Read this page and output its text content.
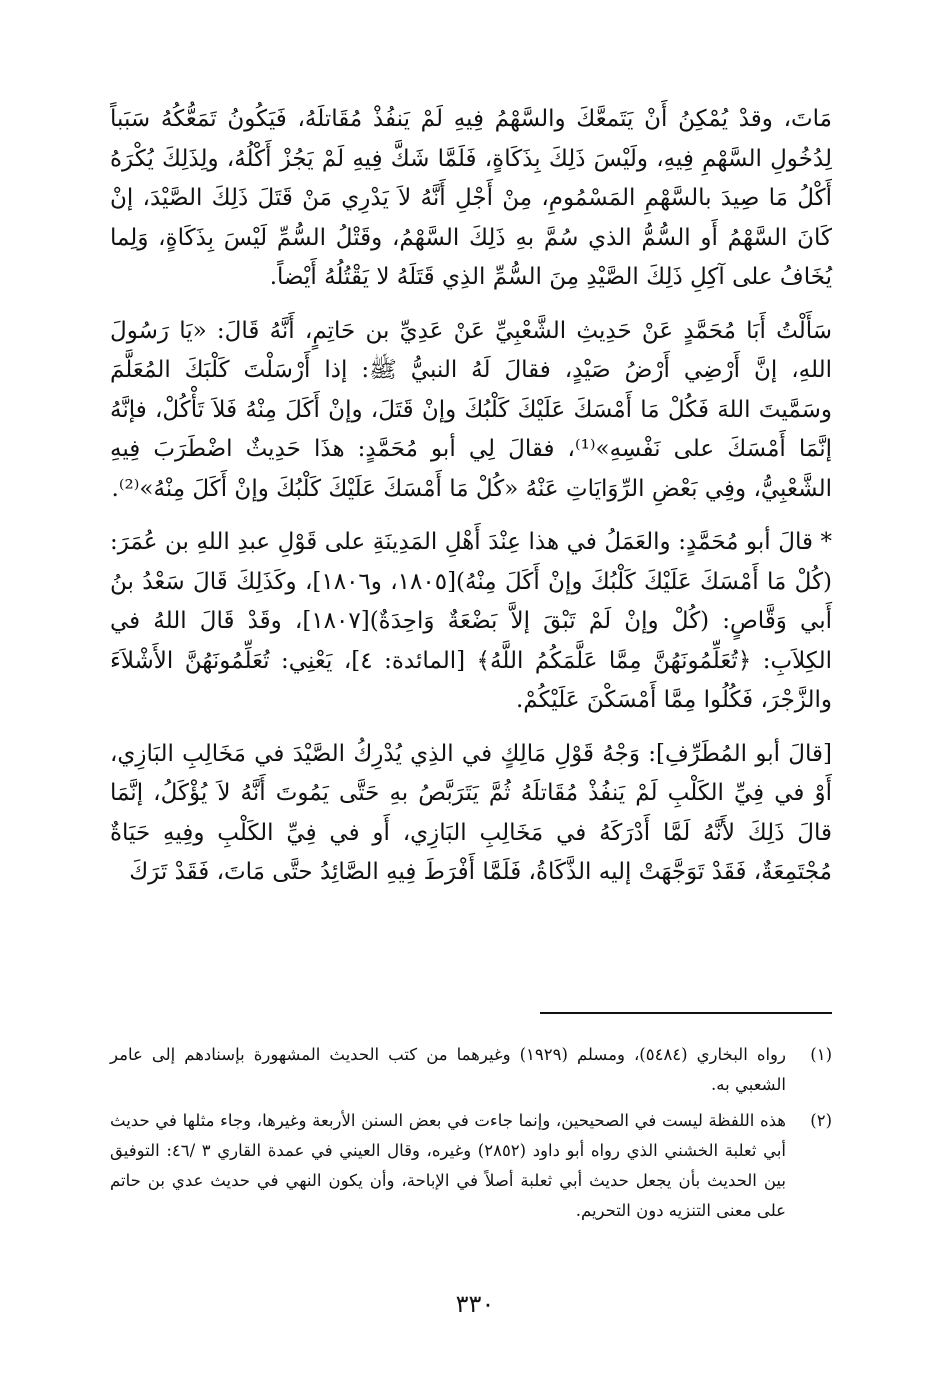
مَاتَ، وقدْ يُمْكِنُ أَنْ يَتَمعَّكَ والسَّهْمُ فِيهِ لَمْ يَنفُذْ مُقَاتلَهُ، فَيَكُونُ تَمَعُّكُهُ سَبَباً لِدُخُولِ السَّهْمِ فِيهِ، ولَيْسَ ذَلِكَ بِذَكَاةٍ، فَلَمَّا شَكَّ فِيهِ لَمْ يَجُزْ أَكْلُهُ، ولِذَلِكَ يُكْرَهُ أَكْلُ مَا صِيدَ بالسَّهْمِ المَسْمُومِ، مِنْ أَجْلِ أَنَّهُ لاَ يَدْرِي مَنْ قَتَلَ ذَلِكَ الصَّيْدَ، إنْ كَانَ السَّهْمُ أَو السُّمُّ الذي سُمَّ بهِ ذَلِكَ السَّهْمُ، وقَتْلُ السُّمِّ لَيْسَ بِذَكَاةٍ، وَلِما يُخَافُ على آكِلِ ذَلِكَ الصَّيْدِ مِنَ السُّمِّ الذِي قَتَلَهُ لا يَقْتُلُهُ أَيْضاً.

سَأَلْتُ أَبَا مُحَمَّدٍ عَنْ حَدِيثِ الشَّعْبِيِّ عَنْ عَدِيِّ بن حَاتِمٍ، أَنَّهُ قَالَ: «يَا رَسُولَ اللهِ، إنَّ أَرْضِي أَرْضُ صَيْدٍ، فقالَ لَهُ النبيُّ ﷺ: إذا أَرْسَلْتَ كَلْبَكَ المُعَلَّمَ وسَمَّيتَ اللهَ فَكُلْ مَا أَمْسَكَ عَلَيْكَ كَلْبُكَ وإنْ قَتَلَ، وإنْ أَكَلَ مِنْهُ فَلاَ تَأْكُلْ، فإنَّهُ إنَّمَا أَمْسَكَ على نَفْسِهِ»⁽¹⁾، فقالَ لِي أبو مُحَمَّدٍ: هذَا حَدِيثٌ اضْطَرَبَ فِيهِ الشَّعْبِيُّ، وفِي بَعْضِ الرِّوَايَاتِ عَنْهُ «كُلْ مَا أَمْسَكَ عَلَيْكَ كَلْبُكَ وإنْ أَكَلَ مِنْهُ»⁽²⁾.

* قالَ أبو مُحَمَّدٍ: والعَمَلُ في هذا عِنْدَ أَهْلِ المَدِينَةِ على قَوْلِ عبدِ اللهِ بن عُمَرَ: (كُلْ مَا أَمْسَكَ عَلَيْكَ كَلْبُكَ وإنْ أَكَلَ مِنْهُ)[١٨٠٥، و١٨٠٦]، وكَذَلِكَ قَالَ سَعْدُ بنُ أَبي وَقَّاصٍ: (كُلْ وإنْ لَمْ تَبْقَ إلاَّ بَضْعَةٌ وَاحِدَةٌ)[١٨٠٧]، وقَدْ قَالَ اللهُ في الكِلاَبِ: ﴿تُعَلِّمُونَهُنَّ مِمَّا عَلَّمَكُمُ اللَّهُ﴾ [المائدة: ٤]، يَعْنِي: تُعَلِّمُونَهُنَّ الأَشْلاَءَ والزَّجْرَ، فَكُلُوا مِمَّا أَمْسَكْنَ عَلَيْكُمْ.

[قالَ أبو المُطَرِّفِ]: وَجْهُ قَوْلِ مَالِكٍ في الذِي يُدْرِكُ الصَّيْدَ في مَخَالِبِ البَازِي، أَوْ في فِيِّ الكَلْبِ لَمْ يَنفُذْ مُقَاتلَهُ ثُمَّ يَتَرَبَّصُ بهِ حَتَّى يَمُوتَ أَنَّهُ لاَ يُؤْكَلُ، إنَّمَا قالَ ذَلِكَ لأَنَّهُ لَمَّا أَدْرَكَهُ في مَخَالِبِ البَازِي، أَو في فِيِّ الكَلْبِ وفِيهِ حَيَاةٌ مُجْتَمِعَةٌ، فَقَدْ تَوَجَّهَتْ إليه الذَّكَاةُ، فَلَمَّا أَفْرَطَ فِيهِ الصَّائِدُ حتَّى مَاتَ، فَقَدْ تَرَكَ

(١)
رواه البخاري (٥٤٨٤)، ومسلم (١٩٢٩) وغيرهما من كتب الحديث المشهورة بإسنادهم إلى عامر الشعبي به.
(٢)
هذه اللفظة ليست في الصحيحين، وإنما جاءت في بعض السنن الأربعة وغيرها، وجاء مثلها في حديث أبي ثعلبة الخشني الذي رواه أبو داود (٢٨٥٢) وغيره، وقال العيني في عمدة القاري ٣ /٤٦: التوفيق بين الحديث بأن يجعل حديث أبي ثعلبة أصلاً في الإباحة، وأن يكون النهي في حديث عدي بن حاتم على معنى التنزيه دون التحريم.
٣٣٠
